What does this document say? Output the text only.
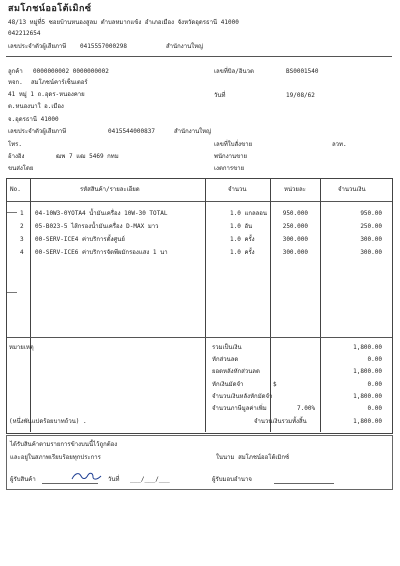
สมโภชน์ออโต้เมิกซ์
48/13 หมู่ที่5 ซอยบ้านหนองสูลม ตำบลหมากแข้ง อำเภอเมือง จังหวัดอุดรธานี 41000
042212654
เลขประจำตัวผู้เสียภาษี 0415557000298	สำนักงานใหญ่
ลูกค้า 0000000002 0000000002
หจก. สมโภชน์คาร์เซ็นเตอร์
41 หมู่ 1 ถ.อุดร-หนองคาย
ต.หนองนาใ อ.เมือง
จ.อุดรธานี 41000
เลขประจำตัวผู้เสียภาษี	0415544000837	สำนักงานใหญ่
โทร.
อ้างอิง	ฒพ 7 แฒ 5469 กทม
ขนส่งโดย
เลขที่บิล/อินวต	BS0001540
วันที่	19/08/62
เลขที่ใบสั่งขาย	ลวท.
พนักงานขาย
เงตการขาย
No.	รหัสสินค้า/รายละเอียด	จำนวน	หน่วยละ	จำนวนเงิน
1 04-10W3-0YOTA4 น้ำมันเครื่อง 10W-30 TOTAL	1.0 แกลลอน	950.000	950.00
2 05-B023-5 ไส้กรองน้ำมันเครื่อง D-MAX มาว	1.0 อัน	250.000	250.00
3 00-SERV-ICE4 ค่าบริการตั้งศูนย์	1.0 ครั้ง	300.000	300.00
4 00-SERV-ICE6 ค่าบริการจัดพีผมักรองแสง 1 นา	1.0 ครั้ง	300.000	300.00
หมายเหตุ	รวมเป็นเงิน	1,800.00
หักส่วนลด	0.00
ยอดหลังหักส่วนลด	1,800.00
หักเงินมัดจำ	$	0.00
จำนวนเงินหลังหักมัดจำ	1,800.00
จำนวนภาษีมูลค่าเพิ่ม	7.00%	0.00
(หนึ่งพันแปดร้อยบาทถ้วน) .	จำนวนเงินรวมทั้งสิ้น	1,800.00
ได้รับสินค้าตามรายการข้างบนนี้ไว้ถูกต้อง
และอยู่ในสภาพเรียบร้อยทุกประการ	ในนาม สมโภชน์ออโต้เมิกซ์
ผู้รับสินค้า	วันที่ ___/___/___	ผู้รับมอบอำนาจ
